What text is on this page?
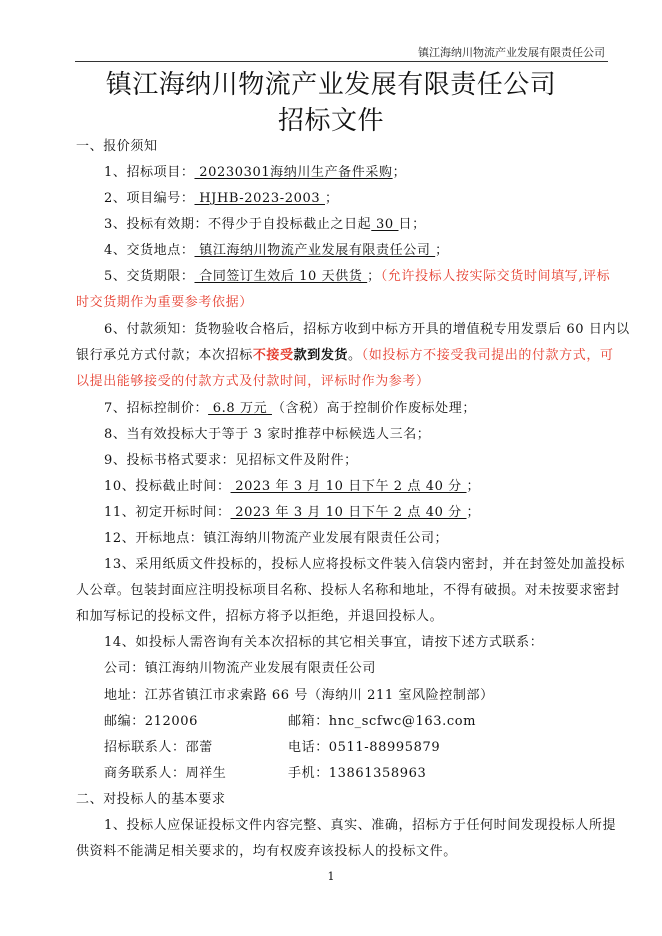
镇江海纳川物流产业发展有限责任公司
镇江海纳川物流产业发展有限责任公司
招标文件
一、报价须知
1、招标项目： 20230301海纳川生产备件采购；
2、项目编号： HJHB-2023-2003 ；
3、投标有效期：不得少于自投标截止之日起 30 日；
4、交货地点： 镇江海纳川物流产业发展有限责任公司 ；
5、交货期限： 合同签订生效后 10 天供货 ；（允许投标人按实际交货时间填写,评标
时交货期作为重要参考依据）
6、付款须知：货物验收合格后，招标方收到中标方开具的增值税专用发票后 60 日内以
银行承兑方式付款；本次招标不接受款到发货。（如投标方不接受我司提出的付款方式，可
以提出能够接受的付款方式及付款时间，评标时作为参考）
7、招标控制价： 6.8 万元 （含税）高于控制价作废标处理；
8、当有效投标大于等于 3 家时推荐中标候选人三名；
9、投标书格式要求：见招标文件及附件；
10、投标截止时间： 2023 年 3 月 10 日下午 2 点 40 分 ；
11、初定开标时间： 2023 年 3 月 10 日下午 2 点 40 分 ；
12、开标地点：镇江海纳川物流产业发展有限责任公司；
13、采用纸质文件投标的，投标人应将投标文件装入信袋内密封，并在封签处加盖投标
人公章。包装封面应注明投标项目名称、投标人名称和地址，不得有破损。对未按要求密封
和加写标记的投标文件，招标方将予以拒绝，并退回投标人。
14、如投标人需咨询有关本次招标的其它相关事宜，请按下述方式联系：
公司：镇江海纳川物流产业发展有限责任公司
地址：江苏省镇江市求索路 66 号（海纳川 211 室风险控制部）
邮编：212006	邮箱：hnc_scfwc@163.com
招标联系人：邵蕾	电话：0511-88995879
商务联系人：周祥生	手机：13861358963
二、对投标人的基本要求
1、投标人应保证投标文件内容完整、真实、准确，招标方于任何时间发现投标人所提
供资料不能满足相关要求的，均有权废弃该投标人的投标文件。
1
